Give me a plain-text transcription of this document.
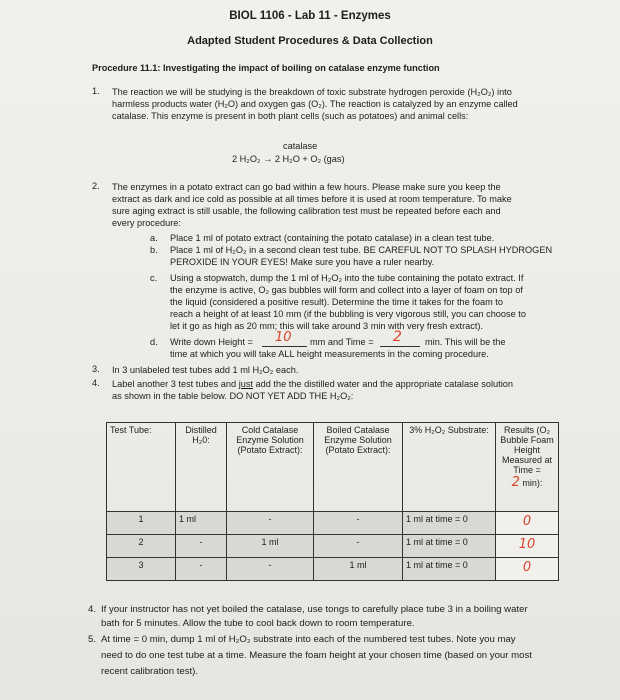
BIOL 1106 - Lab 11 - Enzymes
Adapted Student Procedures & Data Collection
Procedure 11.1: Investigating the impact of boiling on catalase enzyme function
1. The reaction we will be studying is the breakdown of toxic substrate hydrogen peroxide (H₂O₂) into
harmless products water (H₂O) and oxygen gas (O₂). The reaction is catalyzed by an enzyme called
catalase. This enzyme is present in both plant cells (such as potatoes) and animal cells:
catalase
2 H₂O₂ → 2 H₂O + O₂ (gas)
2. The enzymes in a potato extract can go bad within a few hours. Please make sure you keep the
extract as dark and ice cold as possible at all times before it is used at room temperature. To make
sure aging extract is still usable, the following calibration test must be repeated before each and
every procedure:
a. Place 1 ml of potato extract (containing the potato catalase) in a clean test tube.
b. Place 1 ml of H₂O₂ in a second clean test tube. BE CAREFUL NOT TO SPLASH HYDROGEN
PEROXIDE IN YOUR EYES! Make sure you have a ruler nearby.
c. Using a stopwatch, dump the 1 ml of H₂O₂ into the tube containing the potato extract. If
the enzyme is active, O₂ gas bubbles will form and collect into a layer of foam on top of
the liquid (considered a positive result). Determine the time it takes for the foam to
reach a height of at least 10 mm (if the bubbling is very vigorous still, you can choose to
let it go as high as 20 mm; this will take around 3 min with very fresh extract).
d. Write down Height = 10 mm and Time = 2	min. This will be the
time at which you will take ALL height measurements in the coming procedure.
3. In 3 unlabeled test tubes add 1 ml H₂O₂ each.
4. Label another 3 test tubes and just add the the distilled water and the appropriate catalase solution
as shown in the table below. DO NOT YET ADD THE H₂O₂:
Test Tube:	Distilled H₂0:	Cold Catalase Enzyme Solution (Potato Extract):	Boiled Catalase Enzyme Solution (Potato Extract):	3% H₂O₂ Substrate:	Results (O₂ Bubble Foam Height Measured at Time =
2 min):
1	1 ml	-	-	1 ml at time = 0	0
2	-	1 ml	-	1 ml at time = 0	10
3	-	-	1 ml	1 ml at time = 0	0
4. If your instructor has not yet boiled the catalase, use tongs to carefully place tube 3 in a boiling water
bath for 5 minutes. Allow the tube to cool back down to room temperature.
5. At time = 0 min, dump 1 ml of H₂O₂ substrate into each of the numbered test tubes. Note you may
need to do one test tube at a time. Measure the foam height at your chosen time (based on your most
recent calibration test).
